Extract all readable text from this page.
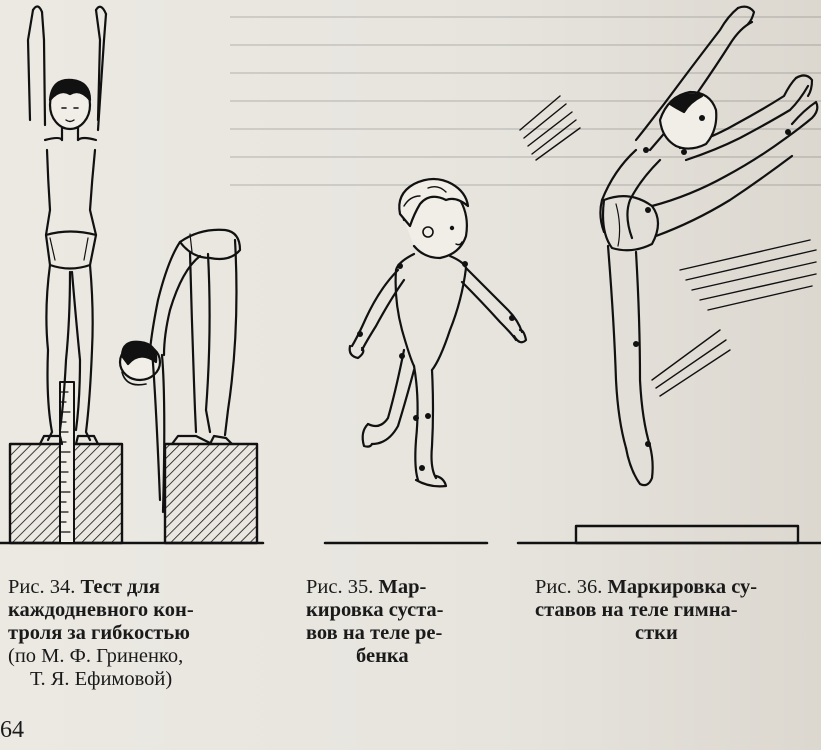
Рис. 34. Тест для
каждодневного кон-
троля за гибкостью
(по М. Ф. Гриненко,
Т. Я. Ефимовой)
Рис. 35. Мар-
кировка сустa-
вов на теле ре-
бенка
Рис. 36. Маркировка су-
ставов на теле гимна-
стки
64
